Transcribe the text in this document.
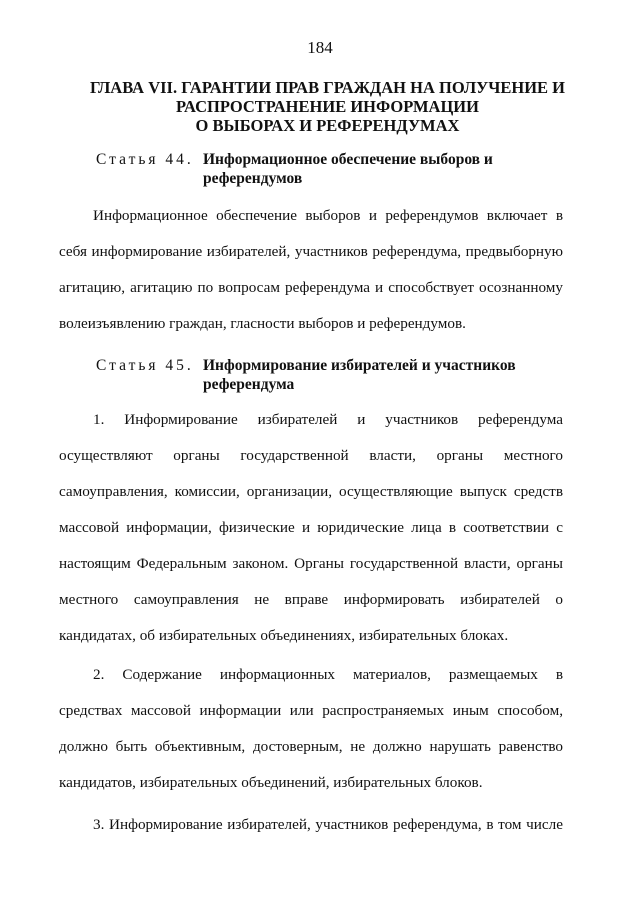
184
ГЛАВА VII. ГАРАНТИИ ПРАВ ГРАЖДАН НА ПОЛУЧЕНИЕ И
РАСПРОСТРАНЕНИЕ ИНФОРМАЦИИ
О ВЫБОРАХ И РЕФЕРЕНДУМАХ
Статья 44. Информационное обеспечение выборов и
референдумов
Информационное обеспечение выборов и референдумов включает в
себя информирование избирателей, участников референдума, предвыборную
агитацию, агитацию по вопросам референдума и способствует осознанному
волеизъявлению граждан, гласности выборов и референдумов.
Статья 45. Информирование избирателей и участников
референдума
1. Информирование избирателей и участников референдума
осуществляют органы государственной власти, органы местного
самоуправления, комиссии, организации, осуществляющие выпуск средств
массовой информации, физические и юридические лица в соответствии с
настоящим Федеральным законом. Органы государственной власти, органы
местного самоуправления не вправе информировать избирателей о
кандидатах, об избирательных объединениях, избирательных блоках.
2. Содержание информационных материалов, размещаемых в
средствах массовой информации или распространяемых иным способом,
должно быть объективным, достоверным, не должно нарушать равенство
кандидатов, избирательных объединений, избирательных блоков.
3. Информирование избирателей, участников референдума, в том числе
